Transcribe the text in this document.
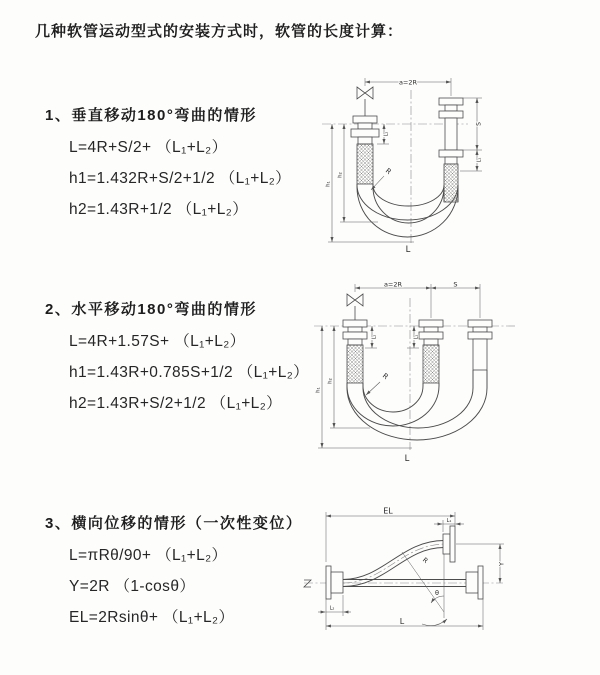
几种软管运动型式的安装方式时，软管的长度计算：
1、垂直移动180°弯曲的情形
L=4R+S/2+ （L₁+L₂）
h1=1.432R+S/2+1/2 （L₁+L₂）
h2=1.43R+1/2 （L₁+L₂）
2、水平移动180°弯曲的情形
L=4R+1.57S+ （L₁+L₂）
h1=1.43R+0.785S+1/2 （L₁+L₂）
h2=1.43R+S/2+1/2 （L₁+L₂）
3、横向位移的情形（一次性变位）
L=πRθ/90+ （L₁+L₂）
Y=2R （1-cosθ）
EL=2Rsinθ+ （L₁+L₂）
a=2R
S
L₁
h₁
h₂
L₂
R
L
a=2R	S
h₁
h₂
L₂	L₁
R
L
θ
R
EL
L₁
Y
L
L₂
